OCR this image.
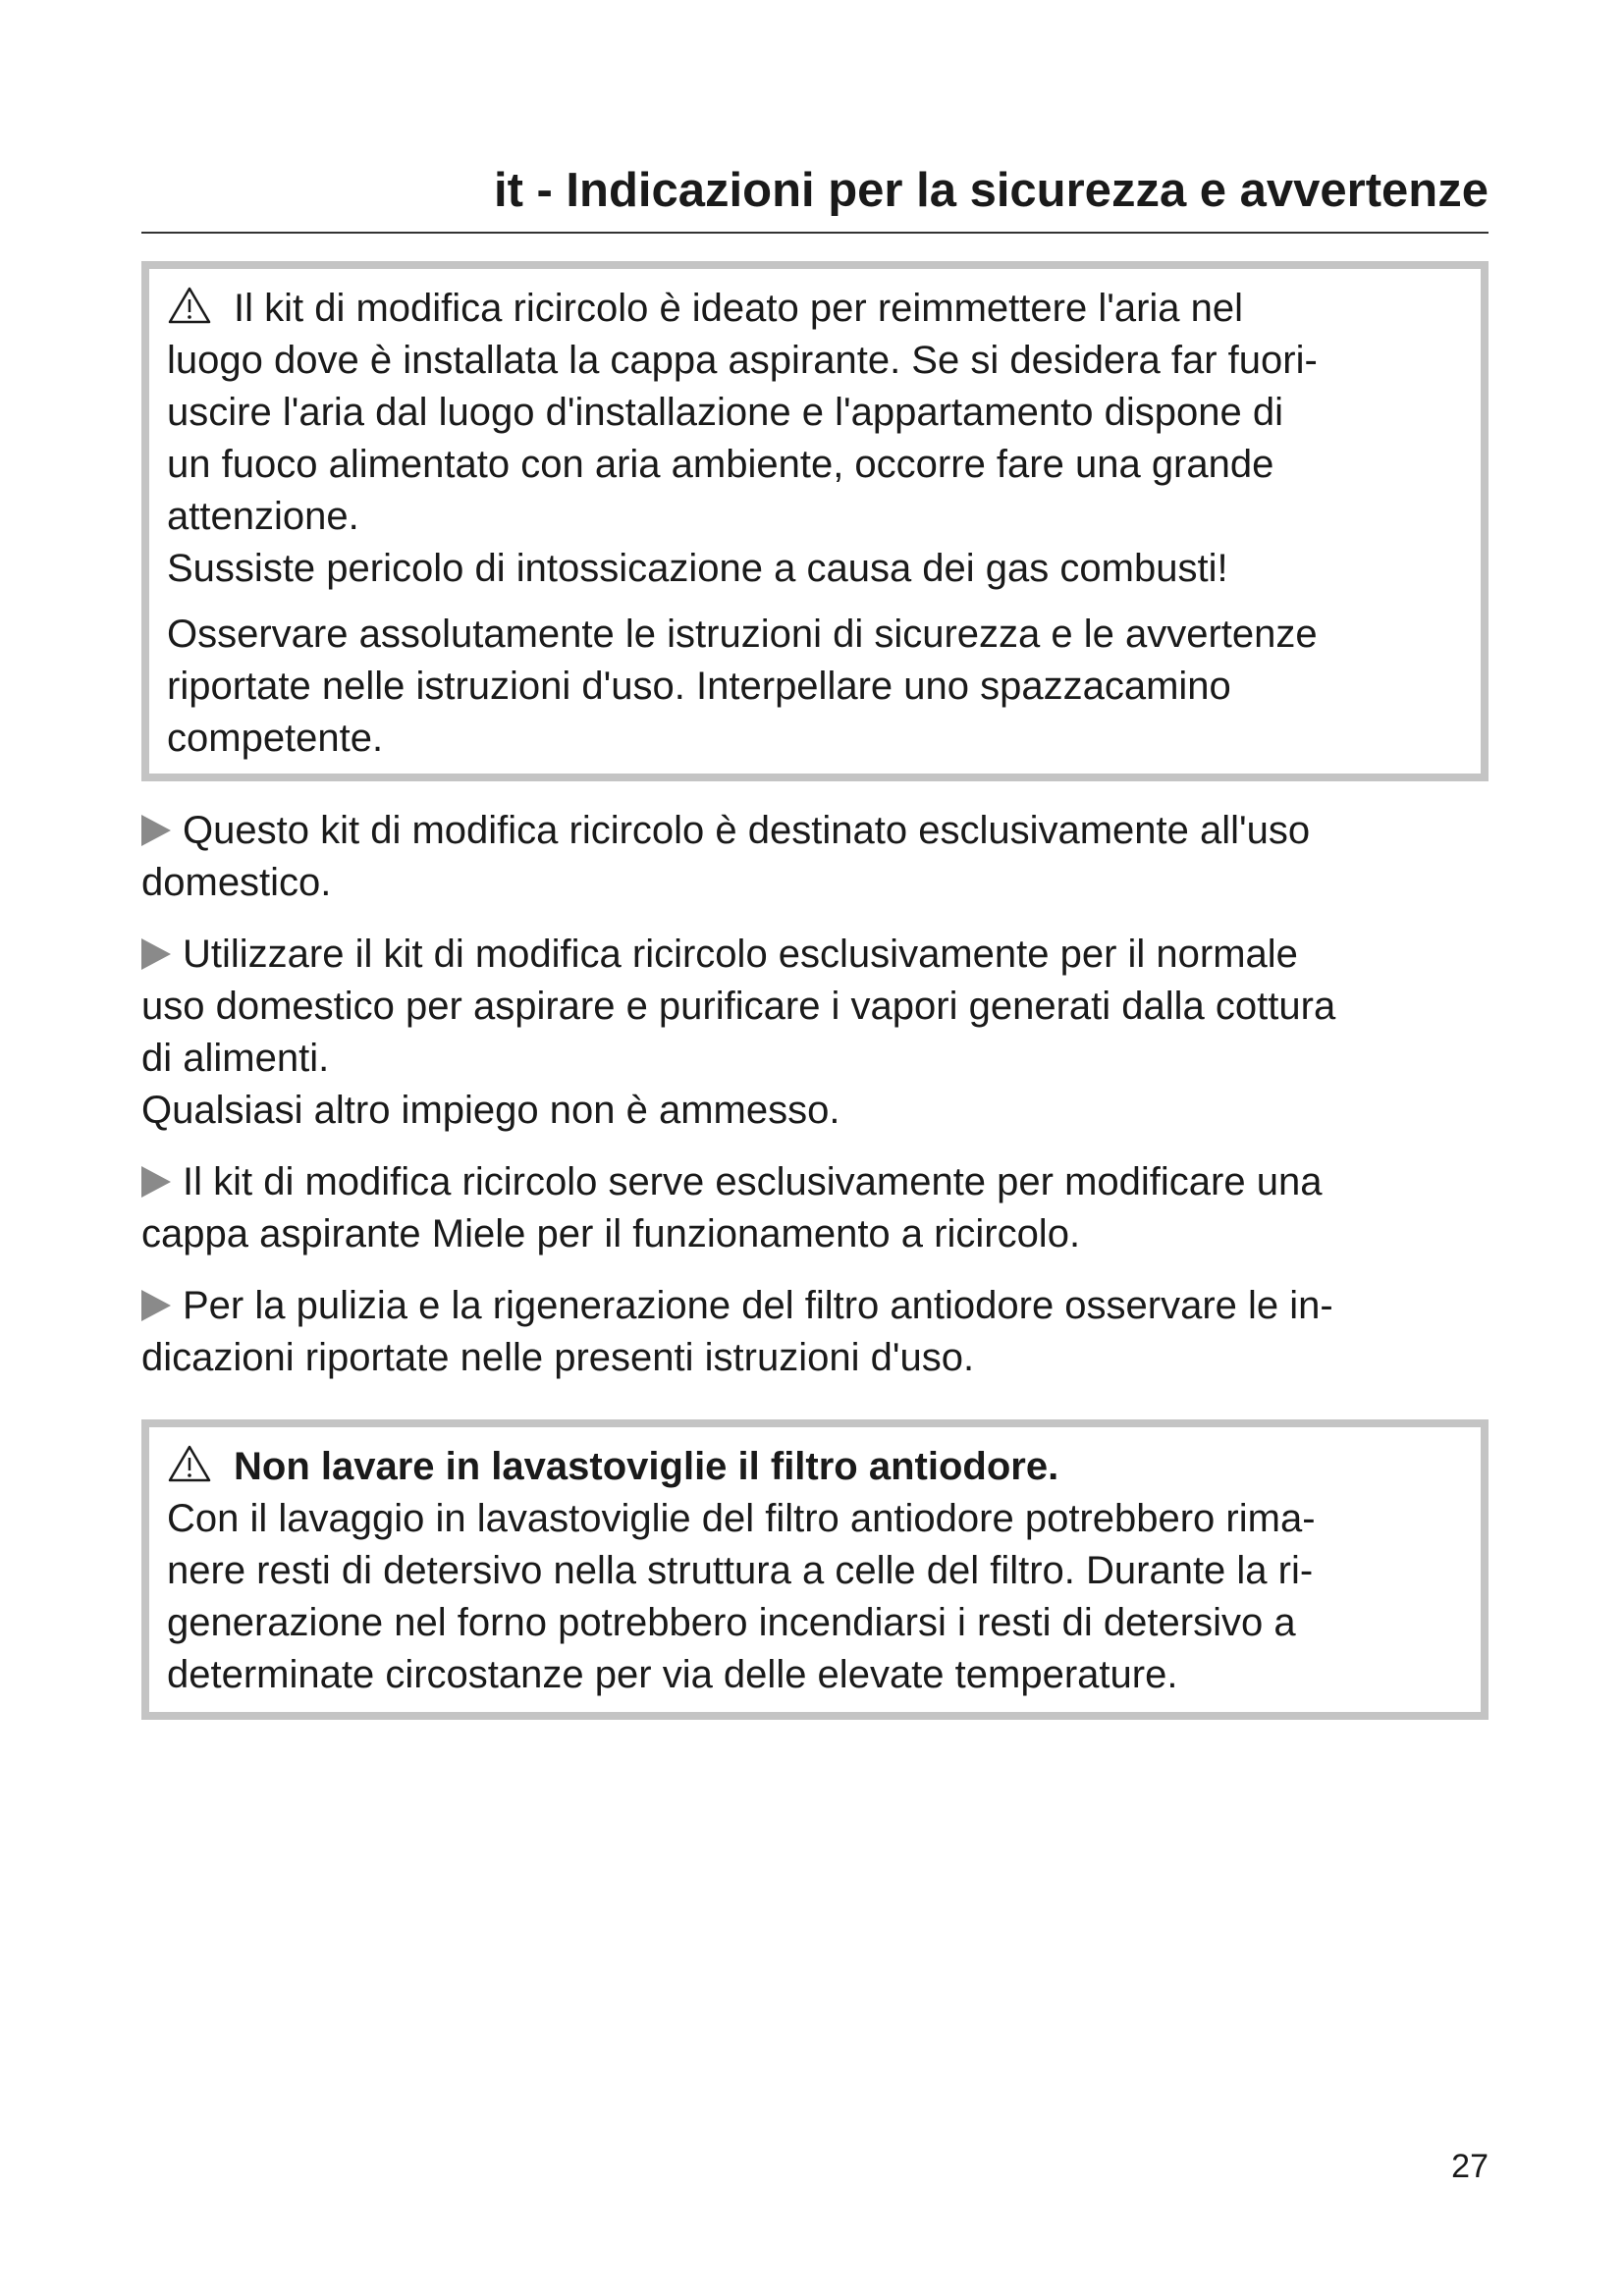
it - Indicazioni per la sicurezza e avvertenze
Il kit di modifica ricircolo è ideato per reimmettere l'aria nel
luogo dove è installata la cappa aspirante. Se si desidera far fuori-
uscire l'aria dal luogo d'installazione e l'appartamento dispone di
un fuoco alimentato con aria ambiente, occorre fare una grande
attenzione.
Sussiste pericolo di intossicazione a causa dei gas combusti!
Osservare assolutamente le istruzioni di sicurezza e le avvertenze
riportate nelle istruzioni d'uso. Interpellare uno spazzacamino
competente.
Questo kit di modifica ricircolo è destinato esclusivamente all'uso
domestico.
Utilizzare il kit di modifica ricircolo esclusivamente per il normale
uso domestico per aspirare e purificare i vapori generati dalla cottura
di alimenti.
Qualsiasi altro impiego non è ammesso.
Il kit di modifica ricircolo serve esclusivamente per modificare una
cappa aspirante Miele per il funzionamento a ricircolo.
Per la pulizia e la rigenerazione del filtro antiodore osservare le in-
dicazioni riportate nelle presenti istruzioni d'uso.
Non lavare in lavastoviglie il filtro antiodore.
Con il lavaggio in lavastoviglie del filtro antiodore potrebbero rima-
nere resti di detersivo nella struttura a celle del filtro. Durante la ri-
generazione nel forno potrebbero incendiarsi i resti di detersivo a
determinate circostanze per via delle elevate temperature.
27
